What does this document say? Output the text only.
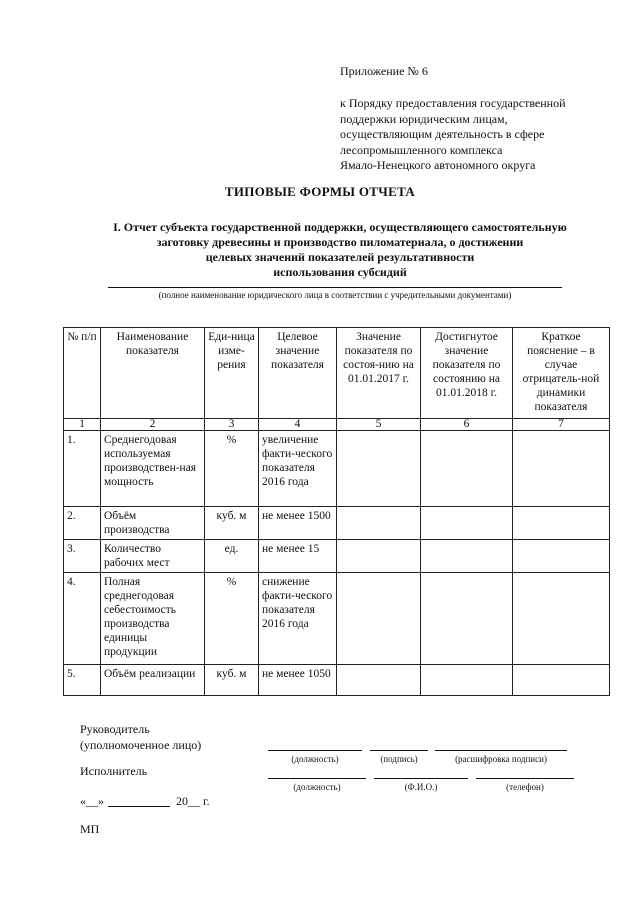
Приложение № 6
к Порядку предоставления государственной
поддержки юридическим лицам,
осуществляющим деятельность в сфере
лесопромышленного комплекса
Ямало-Ненецкого автономного округа
ТИПОВЫЕ ФОРМЫ ОТЧЕТА
I. Отчет субъекта государственной поддержки, осуществляющего самостоятельную
заготовку древесины и производство пиломатериала, о достижении
целевых значений показателей результативности
использования субсидий
(полное наименование юридического лица в соответствии с учредительными документами)
№ п/п	Наименование показателя	Еди-ница изме-рения	Целевое значение показателя	Значение показателя по состоя-нию на 01.01.2017 г.	Достигнутое значение показателя по состоянию на 01.01.2018 г.	Краткое пояснение – в случае отрицатель-ной динамики показателя
1	2	3	4	5	6	7
1.	Среднегодовая используемая производствен-ная мощность	%	увеличение факти-ческого показателя 2016 года			
2.	Объём производства	куб. м	не менее 1500			
3.	Количество рабочих мест	ед.	не менее 15			
4.	Полная среднегодовая себестоимость производства единицы продукции	%	снижение факти-ческого показателя 2016 года			
5.	Объём реализации	куб. м	не менее 1050			
Руководитель
(уполномоченное лицо)
(должность)	(подпись)	(расшифровка подписи)
Исполнитель
(должность)	(Ф.И.О.)	(телефон)
«__»	20__ г.
МП
